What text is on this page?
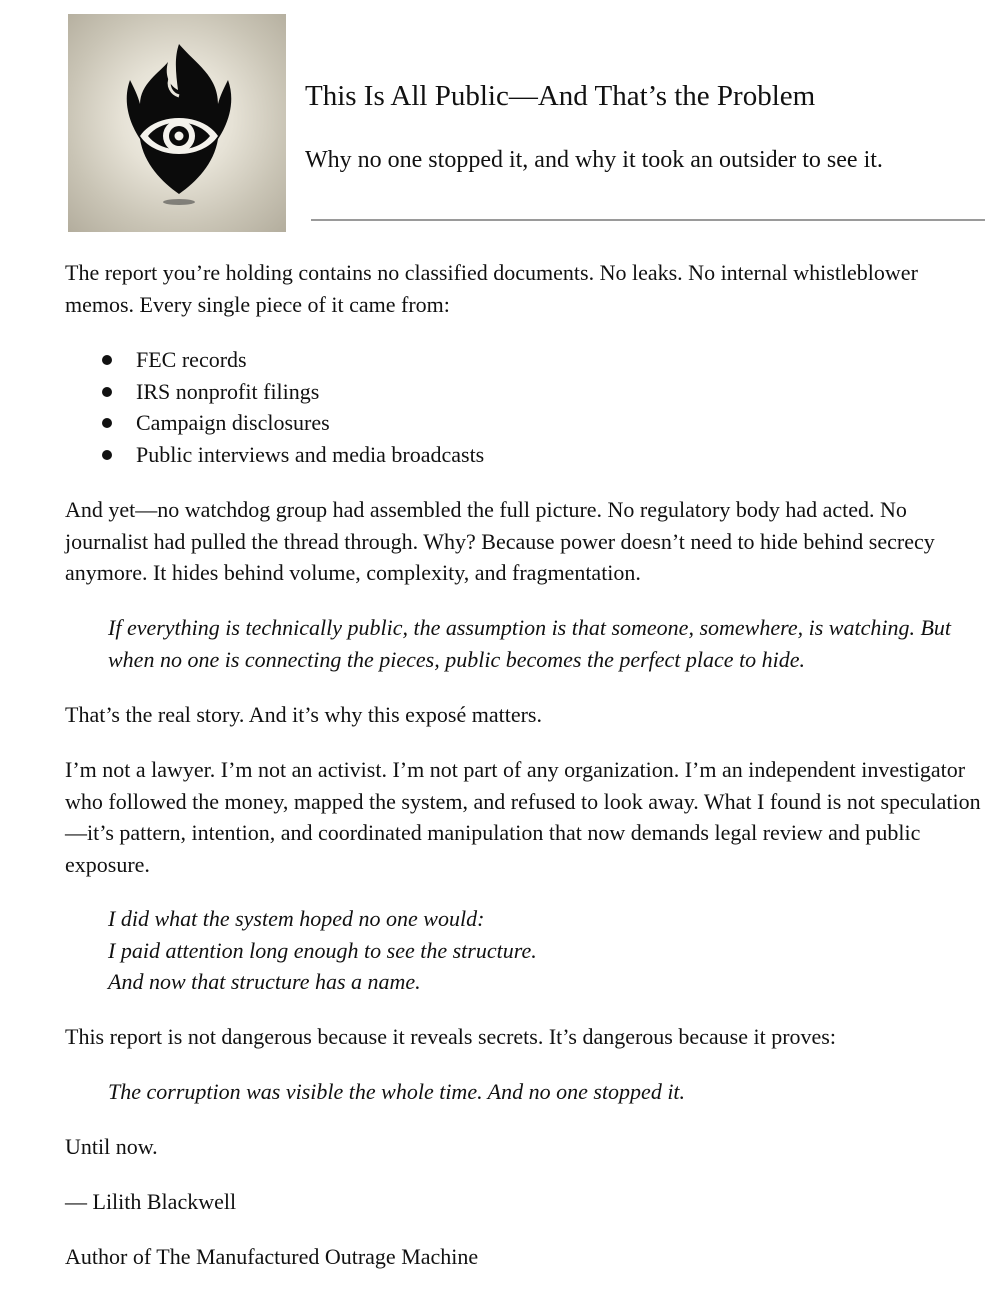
This Is All Public—And That’s the Problem
Why no one stopped it, and why it took an outsider to see it.

The report you’re holding contains no classified documents. No leaks. No internal whistleblower memos. Every single piece of it came from:

FEC records
IRS nonprofit filings
Campaign disclosures
Public interviews and media broadcasts

And yet—no watchdog group had assembled the full picture. No regulatory body had acted. No journalist had pulled the thread through. Why? Because power doesn’t need to hide behind secrecy anymore. It hides behind volume, complexity, and fragmentation.

If everything is technically public, the assumption is that someone, somewhere, is watching. But when no one is connecting the pieces, public becomes the perfect place to hide.

That’s the real story. And it’s why this exposé matters.

I’m not a lawyer. I’m not an activist. I’m not part of any organization. I’m an independent investigator who followed the money, mapped the system, and refused to look away. What I found is not speculation—it’s pattern, intention, and coordinated manipulation that now demands legal review and public exposure.

I did what the system hoped no one would:
I paid attention long enough to see the structure.
And now that structure has a name.

This report is not dangerous because it reveals secrets. It’s dangerous because it proves:

The corruption was visible the whole time. And no one stopped it.

Until now.

— Lilith Blackwell

Author of The Manufactured Outrage Machine
